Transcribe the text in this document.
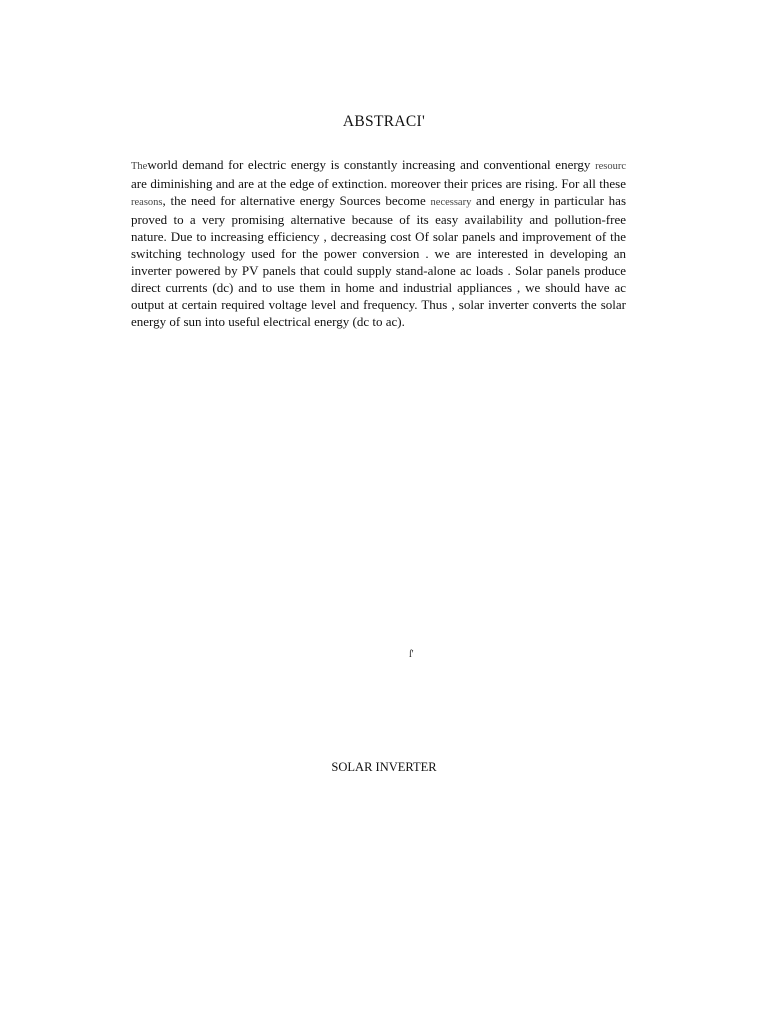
ABSTRACI'

Theworld demand for electric energy is constantly increasing and conventional energy resourc are diminishing and are at the edge of extinction. moreover their prices are rising. For all these reasons, the need for alternative energy Sources become necessary and energy in particular has proved to a very promising alternative because of its easy availability and pollution-free nature. Due to increasing efficiency , decreasing cost Of solar panels and improvement of the switching technology used for the power conversion . we are interested in developing an inverter powered by PV panels that could supply stand-alone ac loads . Solar panels produce direct currents (dc) and to use them in home and industrial appliances , we should have ac output at certain required voltage level and frequency. Thus , solar inverter converts the solar energy of sun into useful electrical energy (dc to ac).

ſ'
SOLAR INVERTER
